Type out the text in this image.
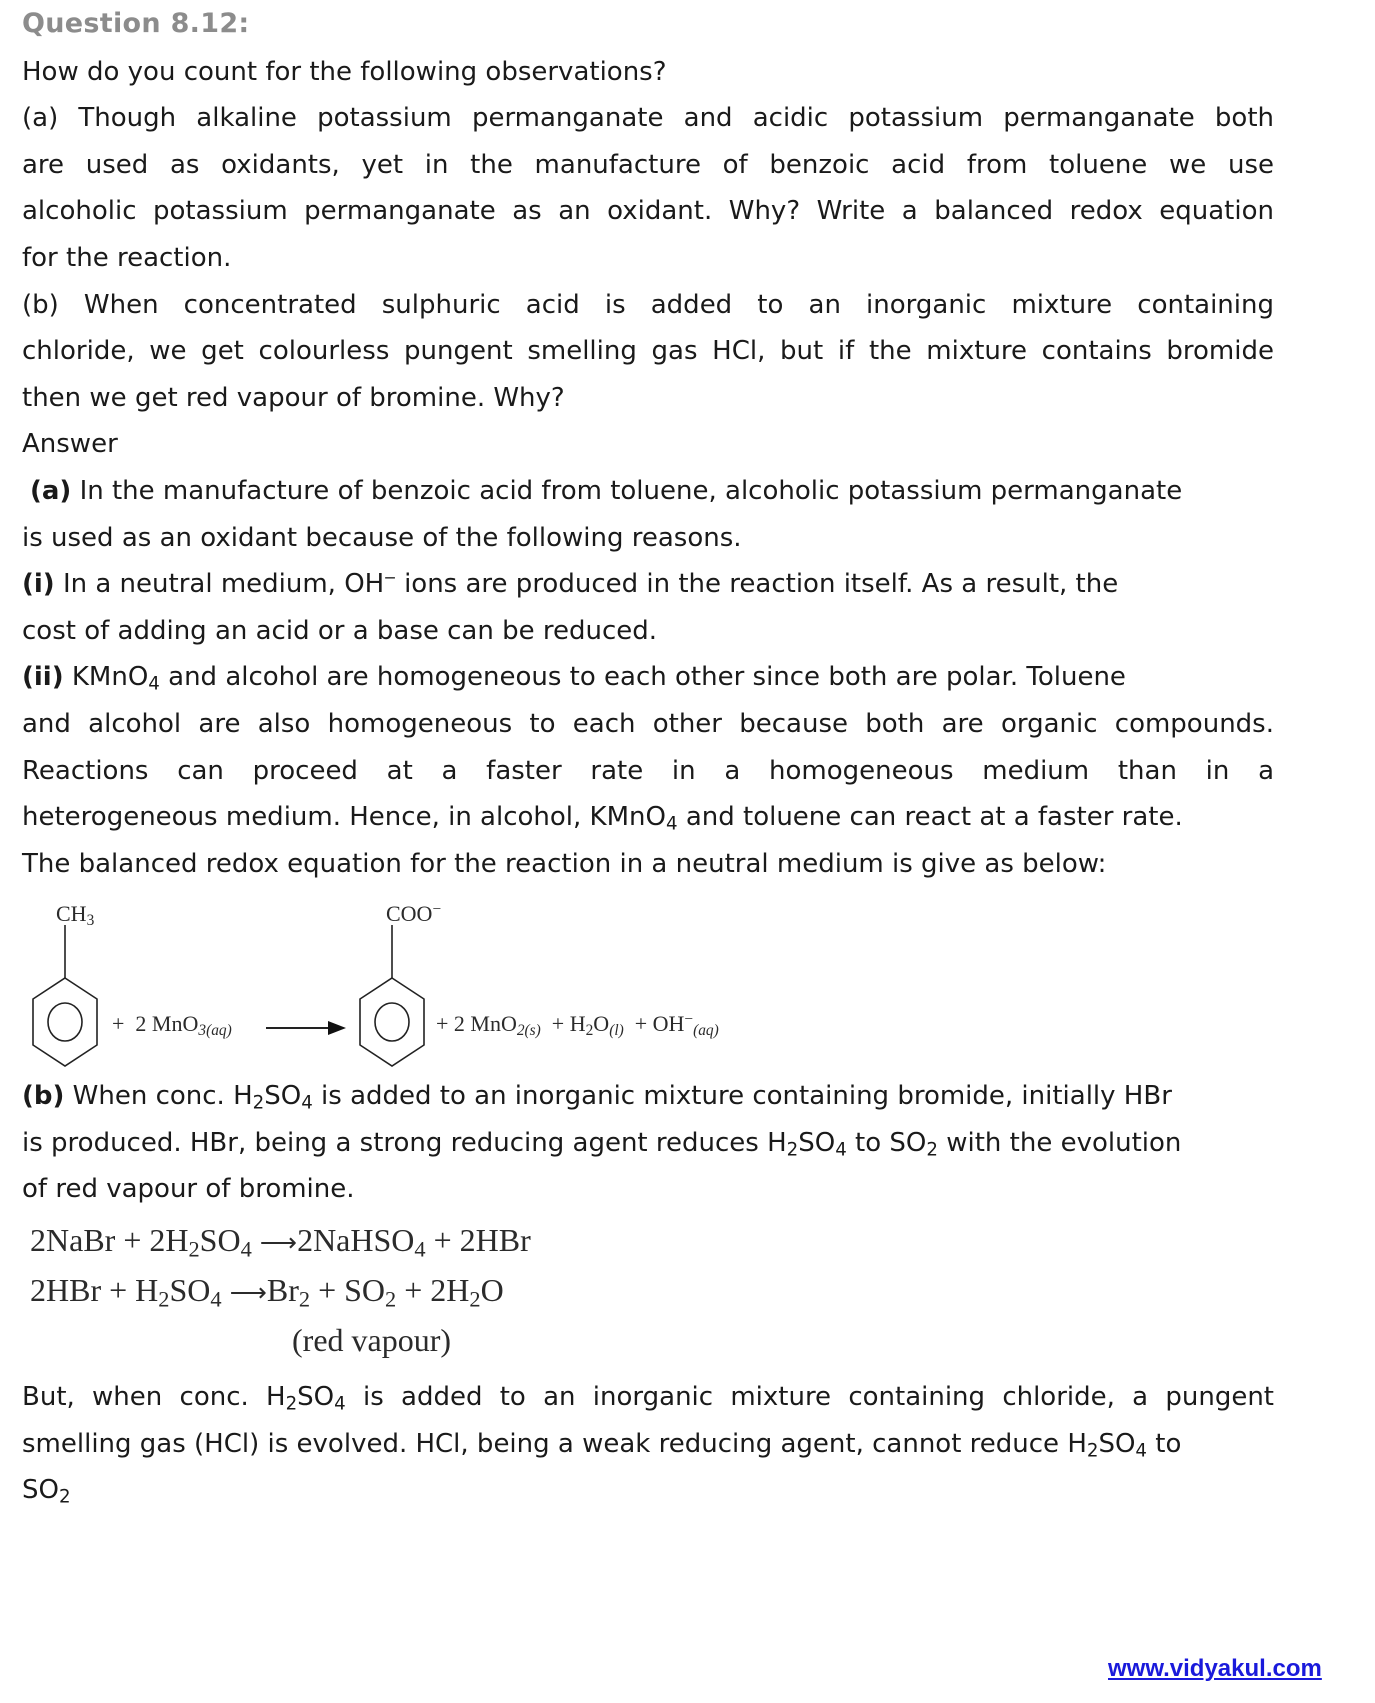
Question 8.12:
How do you count for the following observations?
(a) Though alkaline potassium permanganate and acidic potassium permanganate both
are used as oxidants, yet in the manufacture of benzoic acid from toluene we use
alcoholic potassium permanganate as an oxidant. Why? Write a balanced redox equation
for the reaction.
(b) When concentrated sulphuric acid is added to an inorganic mixture containing
chloride, we get colourless pungent smelling gas HCl, but if the mixture contains bromide
then we get red vapour of bromine. Why?
Answer
(a) In the manufacture of benzoic acid from toluene, alcoholic potassium permanganate
is used as an oxidant because of the following reasons.
(i) In a neutral medium, OH‒ ions are produced in the reaction itself. As a result, the
cost of adding an acid or a base can be reduced.
(ii) KMnO$_4$ and alcohol are homogeneous to each other since both are polar. Toluene
and alcohol are also homogeneous to each other because both are organic compounds.
Reactions can proceed at a faster rate in a homogeneous medium than in a
heterogeneous medium. Hence, in alcohol, KMnO$_4$ and toluene can react at a faster rate.
The balanced redox equation for the reaction in a neutral medium is give as below:
$CH_3$	COO−
+ 2 MnO$_{3(aq)}$	+ 2 $MnO_{2(s)} + H_2O_{(l)} + OH^-_{(aq)}$
(b) When conc. $H_2SO_4$ is added to an inorganic mixture containing bromide, initially HBr
is produced. HBr, being a strong reducing agent reduces $H_2SO_4$ to $SO_2$ with the evolution
of red vapour of bromine.
2NaBr + $2H_2SO_4$ ⟶2NaHSO$_4$ + 2HBr
$2HBr + H_2SO_4$ $⟶Br_2 + SO_2 + 2H_2O$
(red vapour)
But, when conc. $H_2SO_4$ is added to an inorganic mixture containing chloride, a pungent
smelling gas (HCl) is evolved. HCl, being a weak reducing agent, cannot reduce $H_2SO_4$ to
$SO_2$
www.vidyakul.com
